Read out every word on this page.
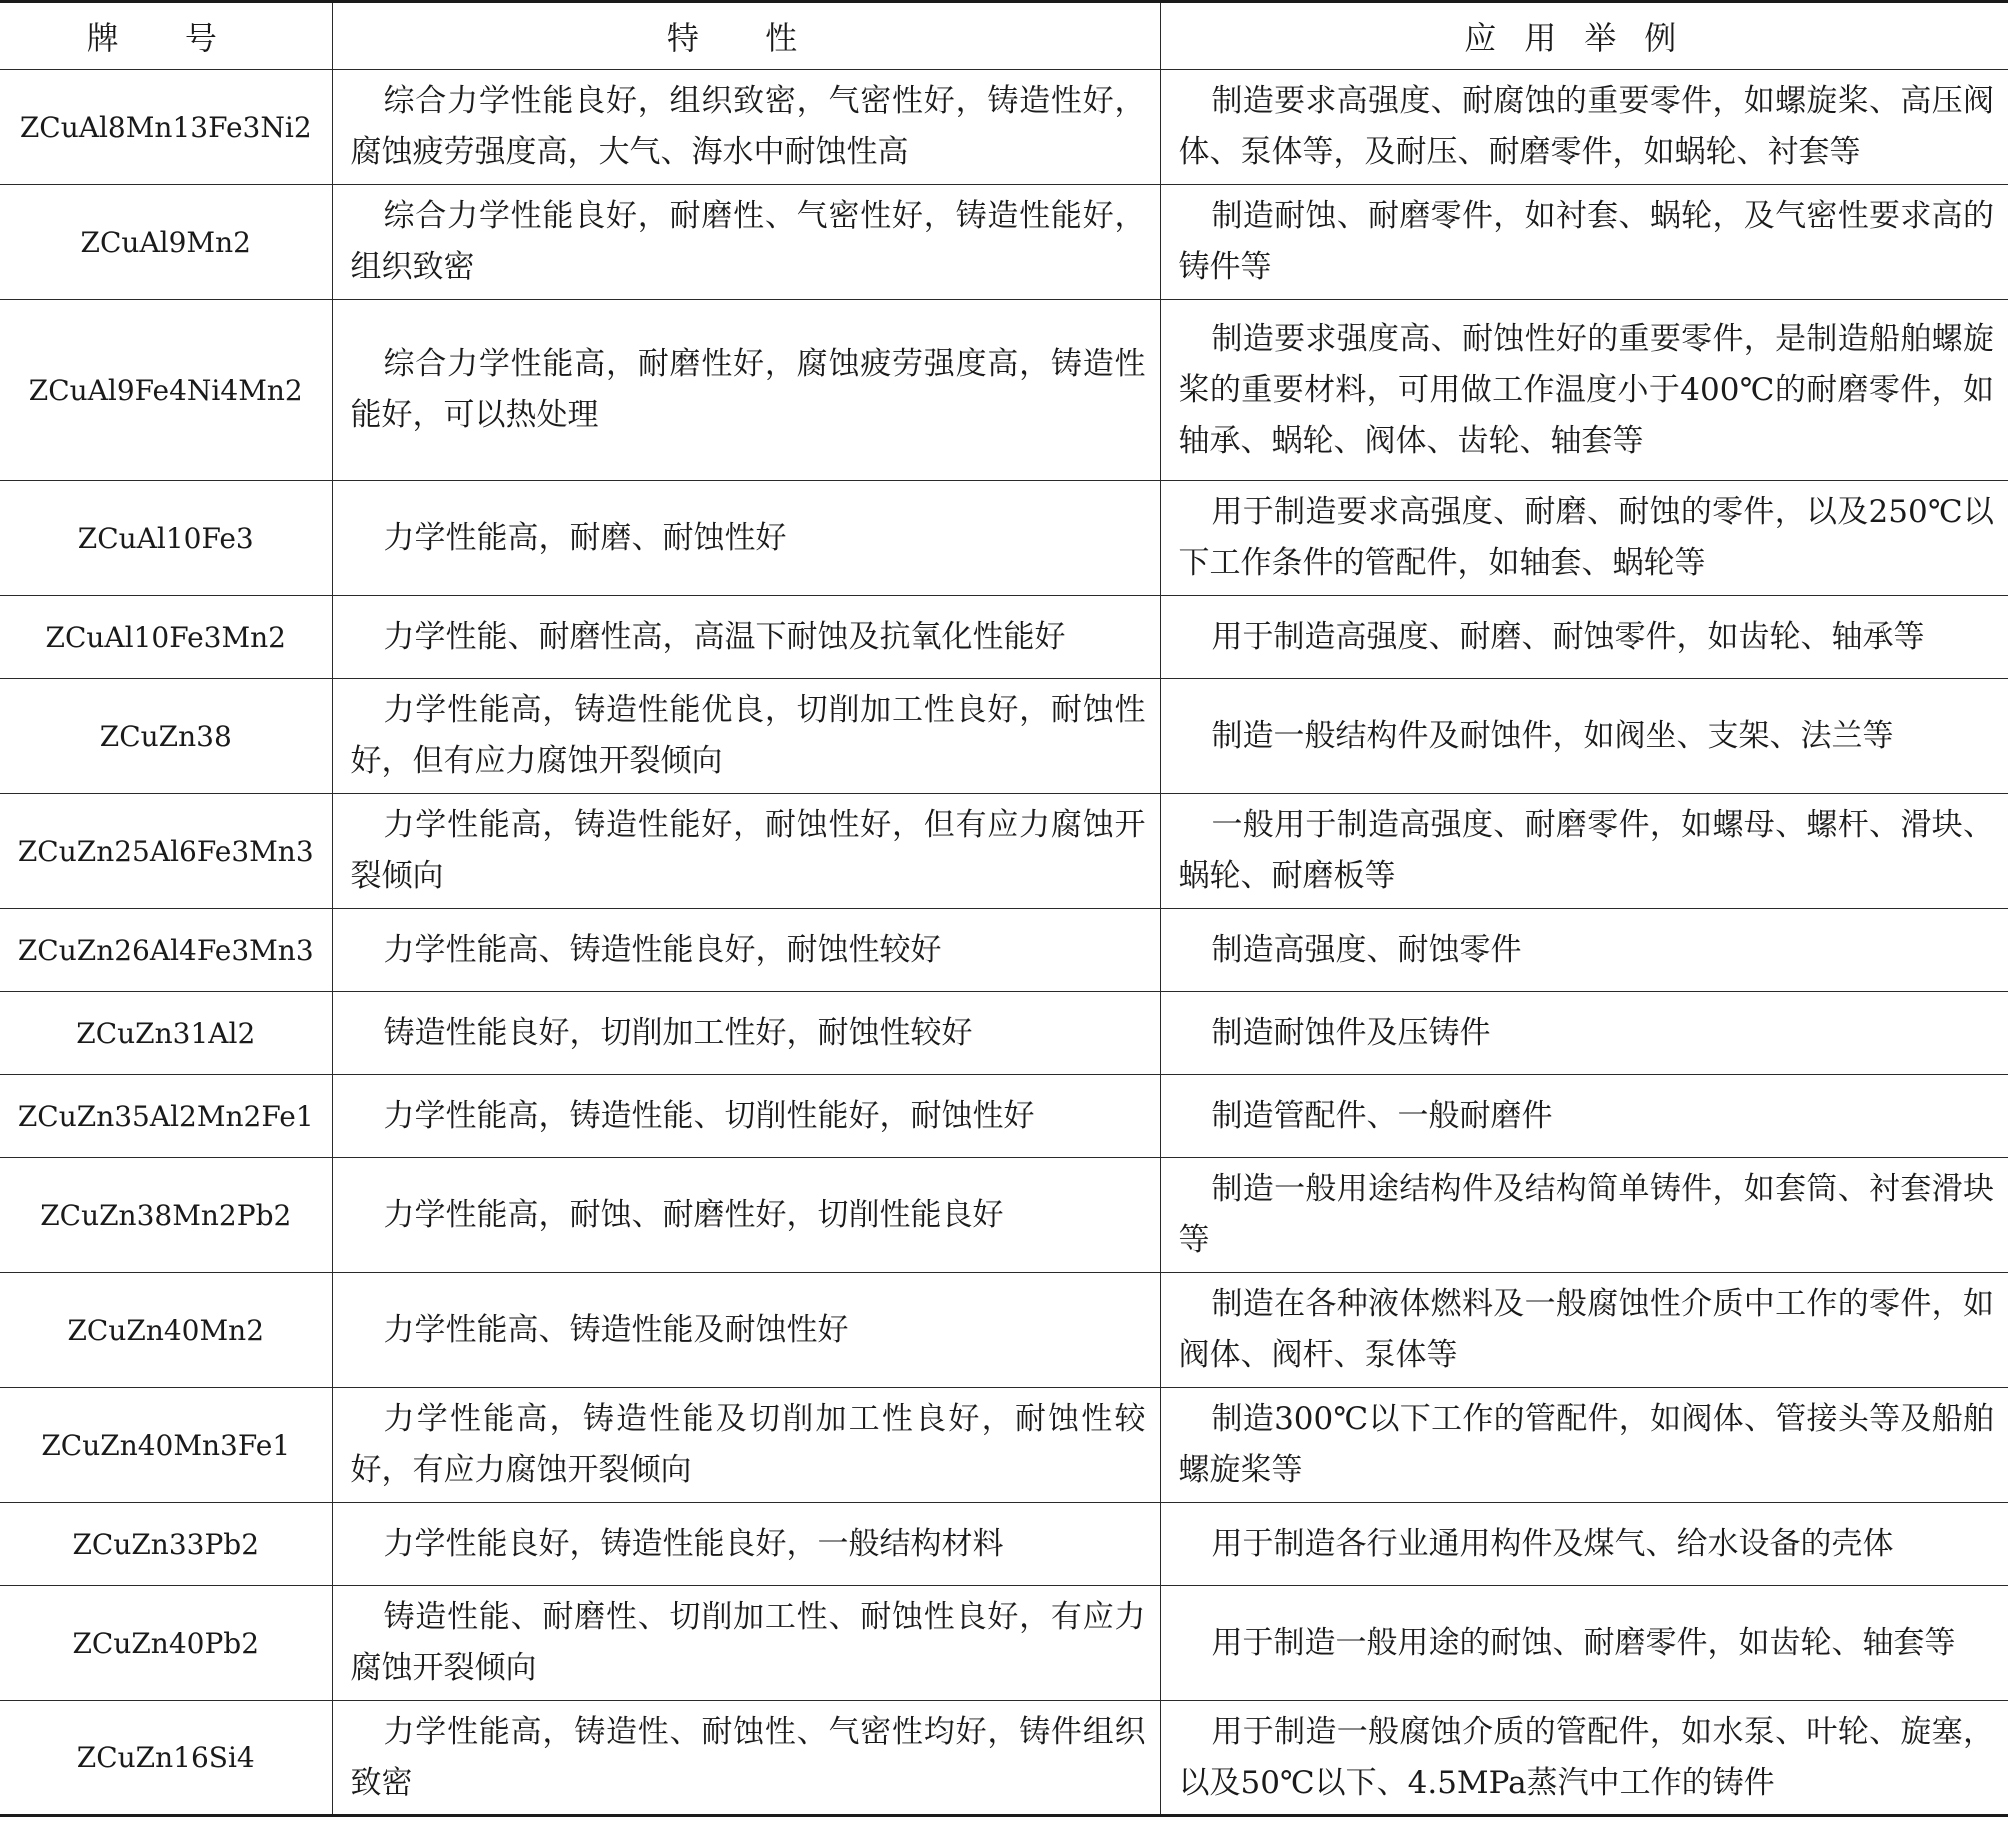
牌 号	特 性	应用举例
ZCuAl8Mn13Fe3Ni2	综合力学性能良好，组织致密，气密性好，铸造性好，腐蚀疲劳强度高，大气、海水中耐蚀性高	制造要求高强度、耐腐蚀的重要零件，如螺旋桨、高压阀体、泵体等，及耐压、耐磨零件，如蜗轮、衬套等
ZCuAl9Mn2	综合力学性能良好，耐磨性、气密性好，铸造性能好，组织致密	制造耐蚀、耐磨零件，如衬套、蜗轮，及气密性要求高的铸件等
ZCuAl9Fe4Ni4Mn2	综合力学性能高，耐磨性好，腐蚀疲劳强度高，铸造性能好，可以热处理	制造要求强度高、耐蚀性好的重要零件，是制造船舶螺旋桨的重要材料，可用做工作温度小于400℃的耐磨零件，如轴承、蜗轮、阀体、齿轮、轴套等
ZCuAl10Fe3	力学性能高，耐磨、耐蚀性好	用于制造要求高强度、耐磨、耐蚀的零件，以及250℃以下工作条件的管配件，如轴套、蜗轮等
ZCuAl10Fe3Mn2	力学性能、耐磨性高，高温下耐蚀及抗氧化性能好	用于制造高强度、耐磨、耐蚀零件，如齿轮、轴承等
ZCuZn38	力学性能高，铸造性能优良，切削加工性良好，耐蚀性好，但有应力腐蚀开裂倾向	制造一般结构件及耐蚀件，如阀坐、支架、法兰等
ZCuZn25Al6Fe3Mn3	力学性能高，铸造性能好，耐蚀性好，但有应力腐蚀开裂倾向	一般用于制造高强度、耐磨零件，如螺母、螺杆、滑块、蜗轮、耐磨板等
ZCuZn26Al4Fe3Mn3	力学性能高、铸造性能良好，耐蚀性较好	制造高强度、耐蚀零件
ZCuZn31Al2	铸造性能良好，切削加工性好，耐蚀性较好	制造耐蚀件及压铸件
ZCuZn35Al2Mn2Fe1	力学性能高，铸造性能、切削性能好，耐蚀性好	制造管配件、一般耐磨件
ZCuZn38Mn2Pb2	力学性能高，耐蚀、耐磨性好，切削性能良好	制造一般用途结构件及结构简单铸件，如套筒、衬套滑块等
ZCuZn40Mn2	力学性能高、铸造性能及耐蚀性好	制造在各种液体燃料及一般腐蚀性介质中工作的零件，如阀体、阀杆、泵体等
ZCuZn40Mn3Fe1	力学性能高，铸造性能及切削加工性良好，耐蚀性较好，有应力腐蚀开裂倾向	制造300℃以下工作的管配件，如阀体、管接头等及船舶螺旋桨等
ZCuZn33Pb2	力学性能良好，铸造性能良好，一般结构材料	用于制造各行业通用构件及煤气、给水设备的壳体
ZCuZn40Pb2	铸造性能、耐磨性、切削加工性、耐蚀性良好，有应力腐蚀开裂倾向	用于制造一般用途的耐蚀、耐磨零件，如齿轮、轴套等
ZCuZn16Si4	力学性能高，铸造性、耐蚀性、气密性均好，铸件组织致密	用于制造一般腐蚀介质的管配件，如水泵、叶轮、旋塞，以及50℃以下、4.5MPa蒸汽中工作的铸件
